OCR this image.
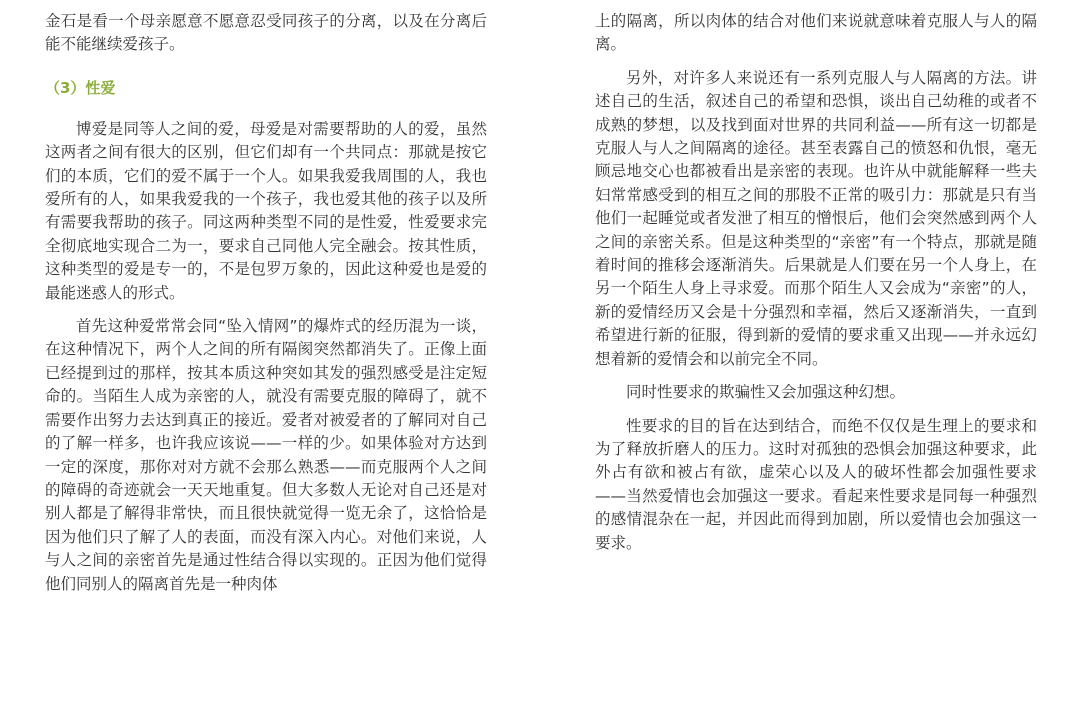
金石是看一个母亲愿意不愿意忍受同孩子的分离，以及在分离后能不能继续爱孩子。

（3）性爱

博爱是同等人之间的爱，母爱是对需要帮助的人的爱，虽然这两者之间有很大的区别，但它们却有一个共同点：那就是按它们的本质，它们的爱不属于一个人。如果我爱我周围的人，我也爱所有的人，如果我爱我的一个孩子，我也爱其他的孩子以及所有需要我帮助的孩子。同这两种类型不同的是性爱，性爱要求完全彻底地实现合二为一，要求自己同他人完全融会。按其性质，这种类型的爱是专一的，不是包罗万象的，因此这种爱也是爱的最能迷惑人的形式。

首先这种爱常常会同“坠入情网”的爆炸式的经历混为一谈，在这种情况下，两个人之间的所有隔阂突然都消失了。正像上面已经提到过的那样，按其本质这种突如其发的强烈感受是注定短命的。当陌生人成为亲密的人，就没有需要克服的障碍了，就不需要作出努力去达到真正的接近。爱者对被爱者的了解同对自己的了解一样多，也许我应该说——一样的少。如果体验对方达到一定的深度，那你对对方就不会那么熟悉——而克服两个人之间的障碍的奇迹就会一天天地重复。但大多数人无论对自己还是对别人都是了解得非常快，而且很快就觉得一览无余了，这恰恰是因为他们只了解了人的表面，而没有深入内心。对他们来说，人与人之间的亲密首先是通过性结合得以实现的。正因为他们觉得他们同别人的隔离首先是一种肉体

上的隔离，所以肉体的结合对他们来说就意味着克服人与人的隔离。

另外，对许多人来说还有一系列克服人与人隔离的方法。讲述自己的生活，叙述自己的希望和恐惧，谈出自己幼稚的或者不成熟的梦想，以及找到面对世界的共同利益——所有这一切都是克服人与人之间隔离的途径。甚至表露自己的愤怒和仇恨，毫无顾忌地交心也都被看出是亲密的表现。也许从中就能解释一些夫妇常常感受到的相互之间的那股不正常的吸引力：那就是只有当他们一起睡觉或者发泄了相互的憎恨后，他们会突然感到两个人之间的亲密关系。但是这种类型的“亲密”有一个特点，那就是随着时间的推移会逐渐消失。后果就是人们要在另一个人身上，在另一个陌生人身上寻求爱。而那个陌生人又会成为“亲密”的人，新的爱情经历又会是十分强烈和幸福，然后又逐渐消失，一直到希望进行新的征服，得到新的爱情的要求重又出现——并永远幻想着新的爱情会和以前完全不同。

同时性要求的欺骗性又会加强这种幻想。

性要求的目的旨在达到结合，而绝不仅仅是生理上的要求和为了释放折磨人的压力。这时对孤独的恐惧会加强这种要求，此外占有欲和被占有欲，虚荣心以及人的破坏性都会加强性要求——当然爱情也会加强这一要求。看起来性要求是同每一种强烈的感情混杂在一起，并因此而得到加剧，所以爱情也会加强这一要求。
